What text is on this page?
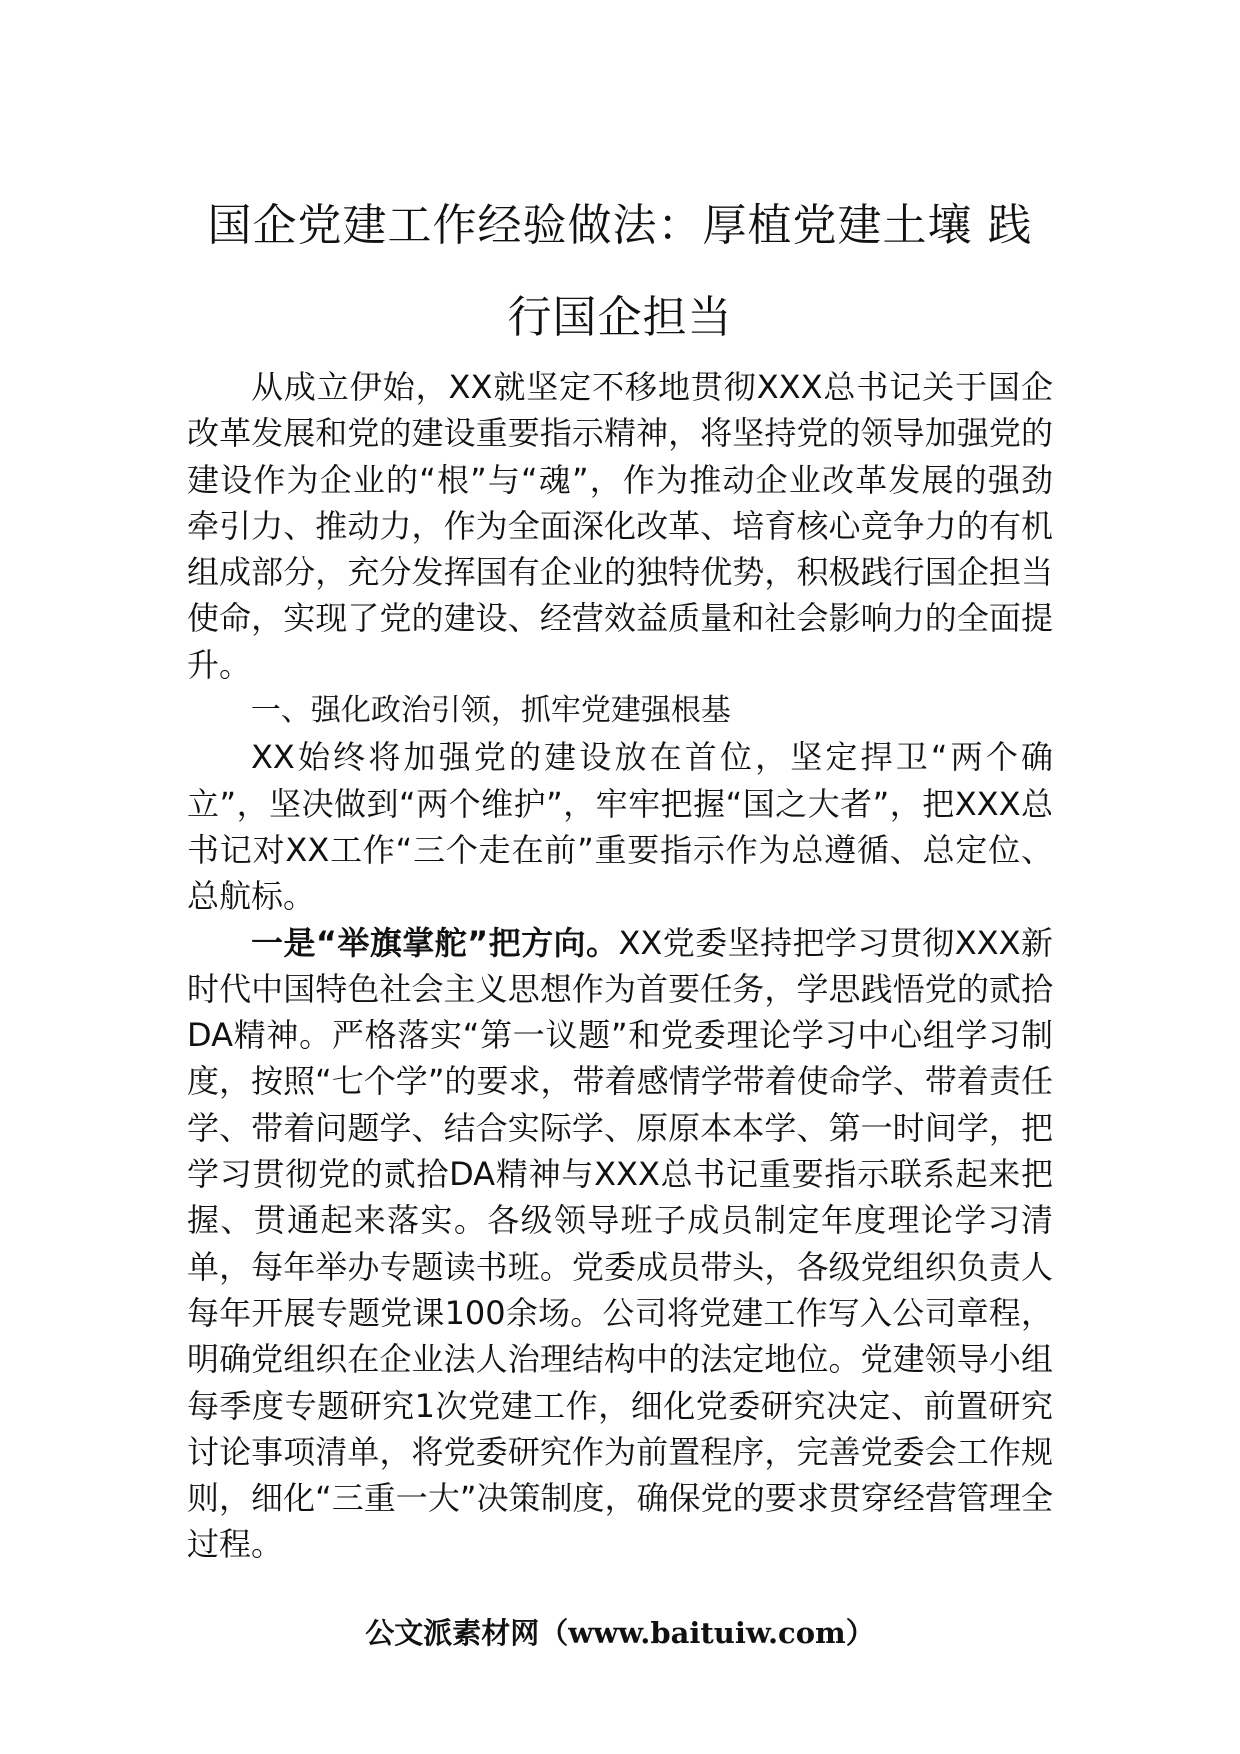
国企党建工作经验做法：厚植党建土壤 践
行国企担当

从成立伊始，XX就坚定不移地贯彻XXX总书记关于国企改革发展和党的建设重要指示精神，将坚持党的领导加强党的建设作为企业的“根”与“魂”，作为推动企业改革发展的强劲牵引力、推动力，作为全面深化改革、培育核心竞争力的有机组成部分，充分发挥国有企业的独特优势，积极践行国企担当使命，实现了党的建设、经营效益质量和社会影响力的全面提升。

一、强化政治引领，抓牢党建强根基

XX始终将加强党的建设放在首位，坚定捍卫“两个确立”，坚决做到“两个维护”，牢牢把握“国之大者”，把XXX总书记对XX工作“三个走在前”重要指示作为总遵循、总定位、总航标。

一是“举旗掌舵”把方向。XX党委坚持把学习贯彻XXX新时代中国特色社会主义思想作为首要任务，学思践悟党的贰拾DA精神。严格落实“第一议题”和党委理论学习中心组学习制度，按照“七个学”的要求，带着感情学带着使命学、带着责任学、带着问题学、结合实际学、原原本本学、第一时间学，把学习贯彻党的贰拾DA精神与XXX总书记重要指示联系起来把握、贯通起来落实。各级领导班子成员制定年度理论学习清单，每年举办专题读书班。党委成员带头，各级党组织负责人每年开展专题党课100余场。公司将党建工作写入公司章程，明确党组织在企业法人治理结构中的法定地位。党建领导小组每季度专题研究1次党建工作，细化党委研究决定、前置研究讨论事项清单，将党委研究作为前置程序，完善党委会工作规则，细化“三重一大”决策制度，确保党的要求贯穿经营管理全过程。

公文派素材网（www.baituiw.com）
